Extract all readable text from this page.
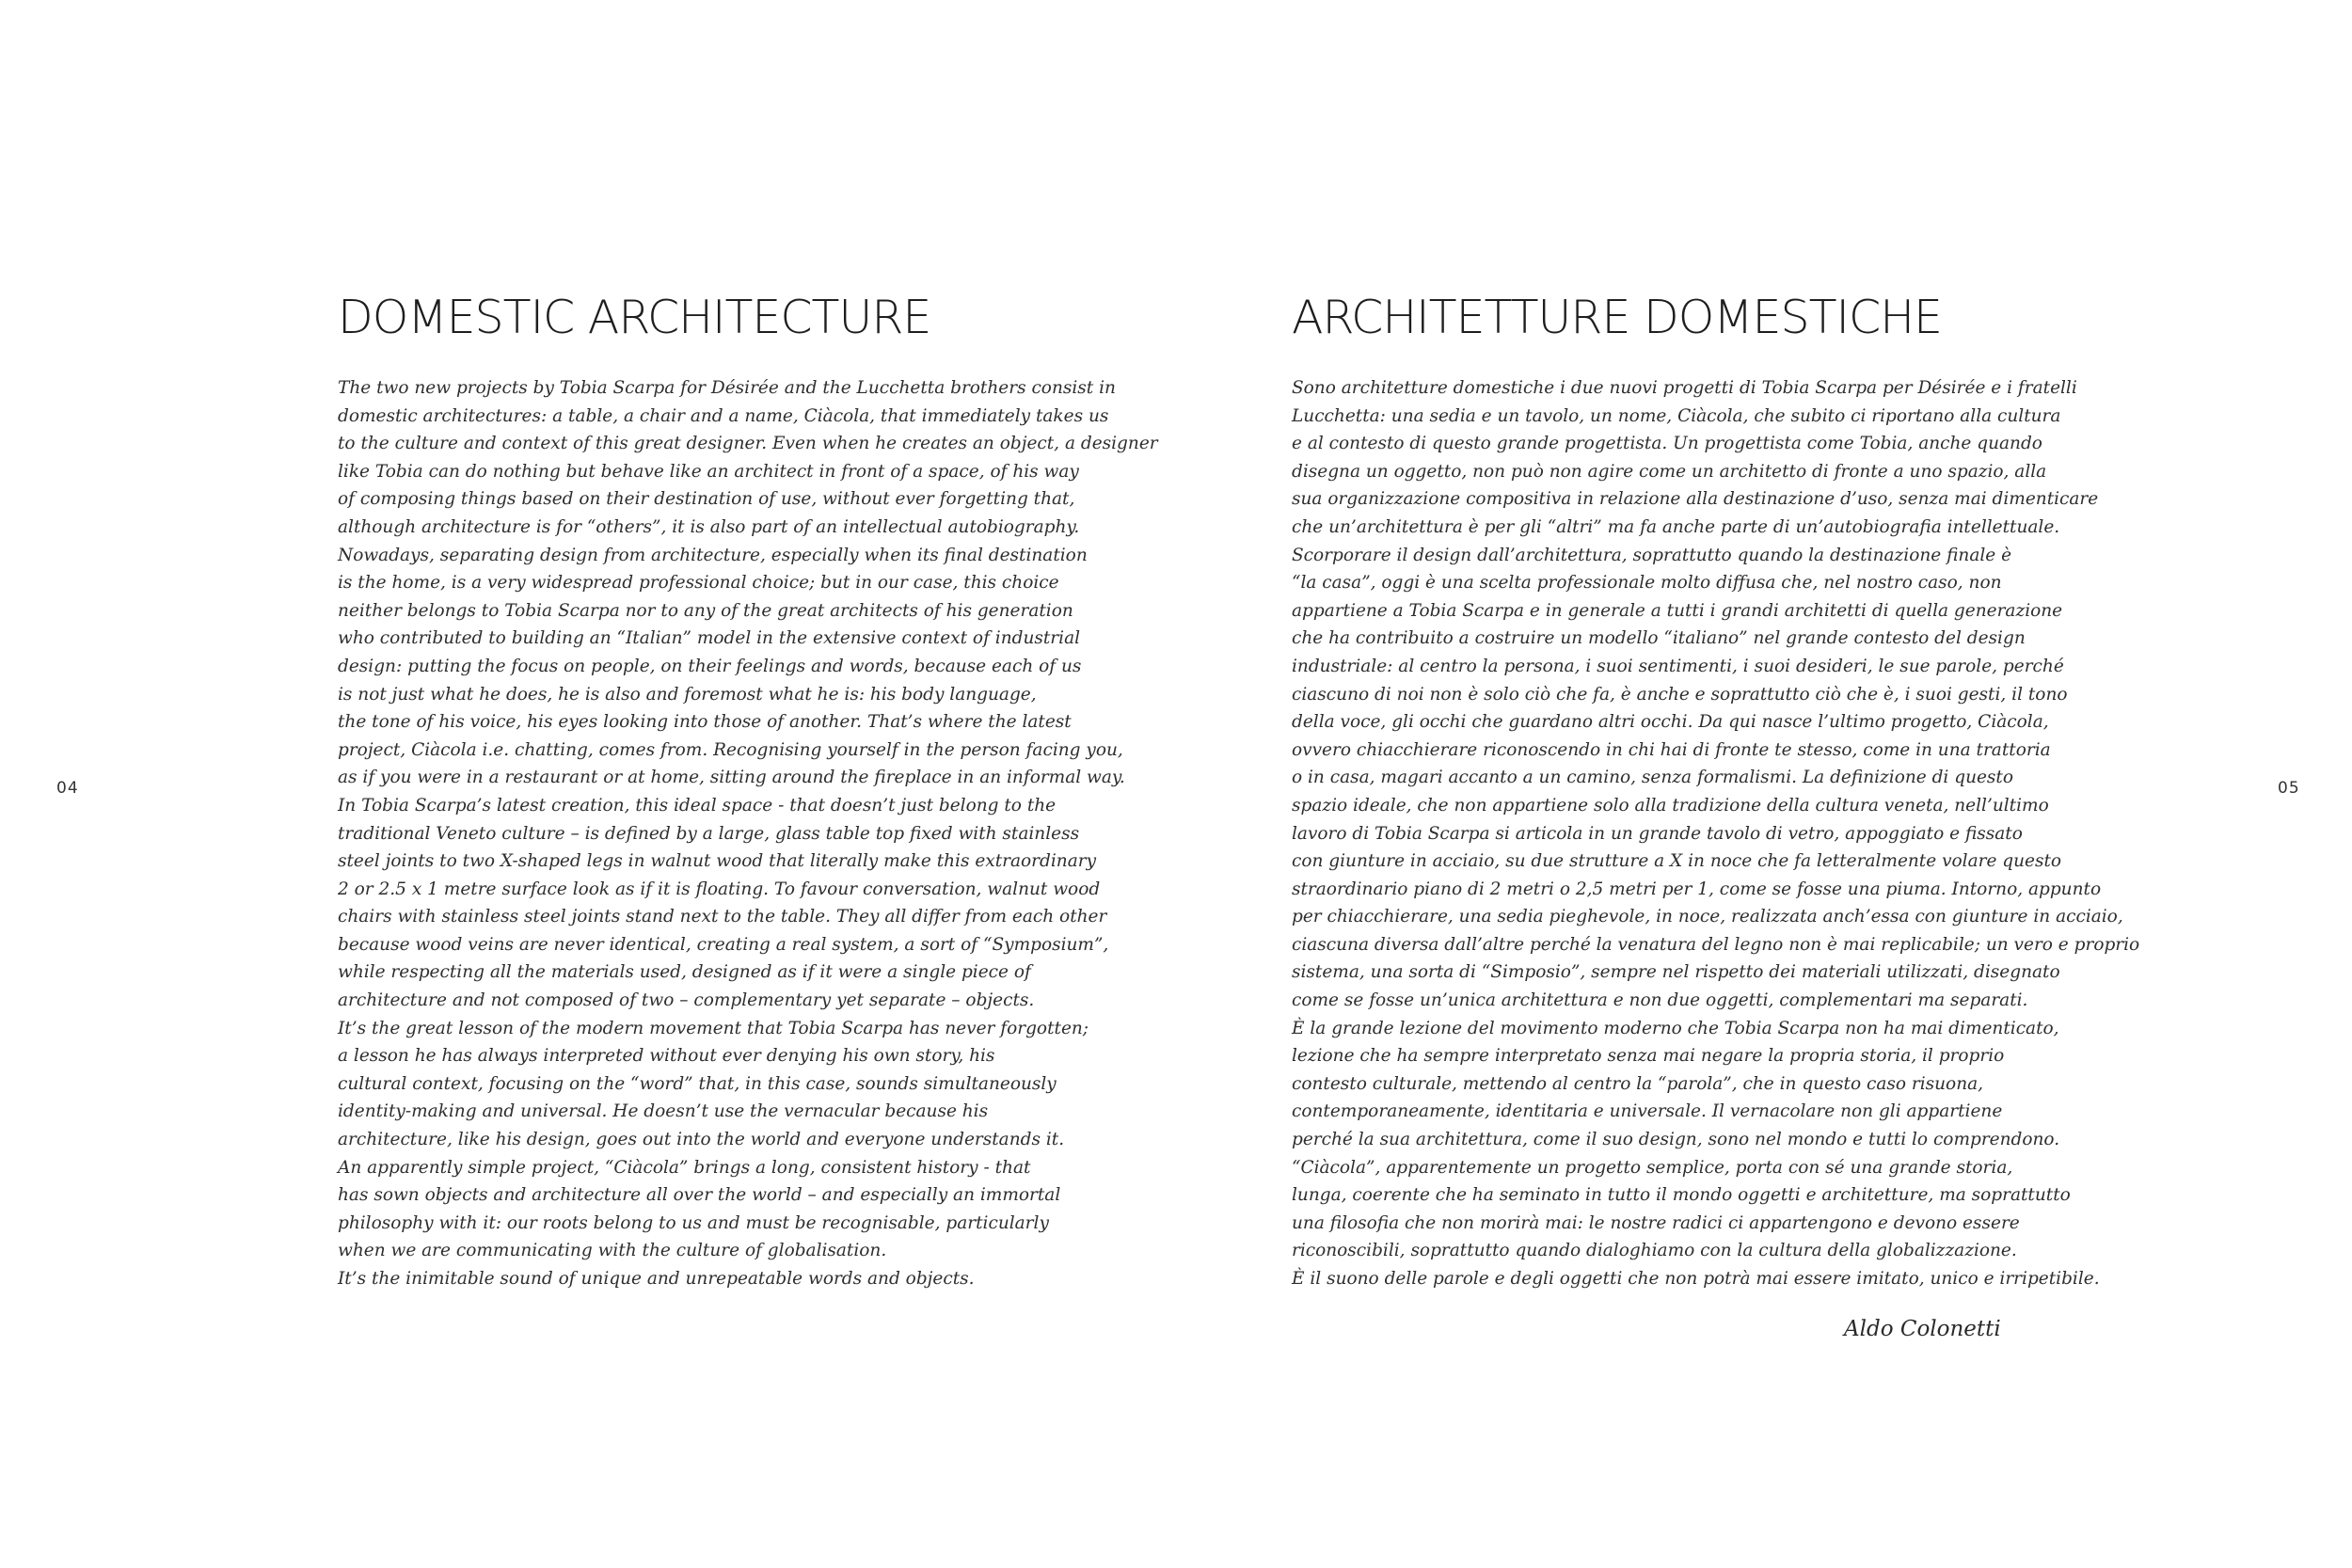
04	05
DOMESTIC ARCHITECTURE
The two new projects by Tobia Scarpa for Désirée and the Lucchetta brothers consist in
domestic architectures: a table, a chair and a name, Ciàcola, that immediately takes us
to the culture and context of this great designer. Even when he creates an object, a designer
like Tobia can do nothing but behave like an architect in front of a space, of his way
of composing things based on their destination of use, without ever forgetting that,
although architecture is for “others”, it is also part of an intellectual autobiography.
Nowadays, separating design from architecture, especially when its final destination
is the home, is a very widespread professional choice; but in our case, this choice
neither belongs to Tobia Scarpa nor to any of the great architects of his generation
who contributed to building an “Italian” model in the extensive context of industrial
design: putting the focus on people, on their feelings and words, because each of us
is not just what he does, he is also and foremost what he is: his body language,
the tone of his voice, his eyes looking into those of another. That’s where the latest
project, Ciàcola i.e. chatting, comes from. Recognising yourself in the person facing you,
as if you were in a restaurant or at home, sitting around the fireplace in an informal way.
In Tobia Scarpa’s latest creation, this ideal space - that doesn’t just belong to the
traditional Veneto culture – is defined by a large, glass table top fixed with stainless
steel joints to two X-shaped legs in walnut wood that literally make this extraordinary
2 or 2.5 x 1 metre surface look as if it is floating. To favour conversation, walnut wood
chairs with stainless steel joints stand next to the table. They all differ from each other
because wood veins are never identical, creating a real system, a sort of “Symposium”,
while respecting all the materials used, designed as if it were a single piece of
architecture and not composed of two – complementary yet separate – objects.
It’s the great lesson of the modern movement that Tobia Scarpa has never forgotten;
a lesson he has always interpreted without ever denying his own story, his
cultural context, focusing on the “word” that, in this case, sounds simultaneously
identity-making and universal. He doesn’t use the vernacular because his
architecture, like his design, goes out into the world and everyone understands it.
An apparently simple project, “Ciàcola” brings a long, consistent history - that
has sown objects and architecture all over the world – and especially an immortal
philosophy with it: our roots belong to us and must be recognisable, particularly
when we are communicating with the culture of globalisation.
It’s the inimitable sound of unique and unrepeatable words and objects.
ARCHITETTURE DOMESTICHE
Sono architetture domestiche i due nuovi progetti di Tobia Scarpa per Désirée e i fratelli
Lucchetta: una sedia e un tavolo, un nome, Ciàcola, che subito ci riportano alla cultura
e al contesto di questo grande progettista. Un progettista come Tobia, anche quando
disegna un oggetto, non può non agire come un architetto di fronte a uno spazio, alla
sua organizzazione compositiva in relazione alla destinazione d’uso, senza mai dimenticare
che un’architettura è per gli “altri” ma fa anche parte di un’autobiografia intellettuale.
Scorporare il design dall’architettura, soprattutto quando la destinazione finale è
“la casa”, oggi è una scelta professionale molto diffusa che, nel nostro caso, non
appartiene a Tobia Scarpa e in generale a tutti i grandi architetti di quella generazione
che ha contribuito a costruire un modello “italiano” nel grande contesto del design
industriale: al centro la persona, i suoi sentimenti, i suoi desideri, le sue parole, perché
ciascuno di noi non è solo ciò che fa, è anche e soprattutto ciò che è, i suoi gesti, il tono
della voce, gli occhi che guardano altri occhi. Da qui nasce l’ultimo progetto, Ciàcola,
ovvero chiacchierare riconoscendo in chi hai di fronte te stesso, come in una trattoria
o in casa, magari accanto a un camino, senza formalismi. La definizione di questo
spazio ideale, che non appartiene solo alla tradizione della cultura veneta, nell’ultimo
lavoro di Tobia Scarpa si articola in un grande tavolo di vetro, appoggiato e fissato
con giunture in acciaio, su due strutture a X in noce che fa letteralmente volare questo
straordinario piano di 2 metri o 2,5 metri per 1, come se fosse una piuma. Intorno, appunto
per chiacchierare, una sedia pieghevole, in noce, realizzata anch’essa con giunture in acciaio,
ciascuna diversa dall’altre perché la venatura del legno non è mai replicabile; un vero e proprio
sistema, una sorta di “Simposio”, sempre nel rispetto dei materiali utilizzati, disegnato
come se fosse un’unica architettura e non due oggetti, complementari ma separati.
È la grande lezione del movimento moderno che Tobia Scarpa non ha mai dimenticato,
lezione che ha sempre interpretato senza mai negare la propria storia, il proprio
contesto culturale, mettendo al centro la “parola”, che in questo caso risuona,
contemporaneamente, identitaria e universale. Il vernacolare non gli appartiene
perché la sua architettura, come il suo design, sono nel mondo e tutti lo comprendono.
“Ciàcola”, apparentemente un progetto semplice, porta con sé una grande storia,
lunga, coerente che ha seminato in tutto il mondo oggetti e architetture, ma soprattutto
una filosofia che non morirà mai: le nostre radici ci appartengono e devono essere
riconoscibili, soprattutto quando dialoghiamo con la cultura della globalizzazione.
È il suono delle parole e degli oggetti che non potrà mai essere imitato, unico e irripetibile.
Aldo Colonetti
